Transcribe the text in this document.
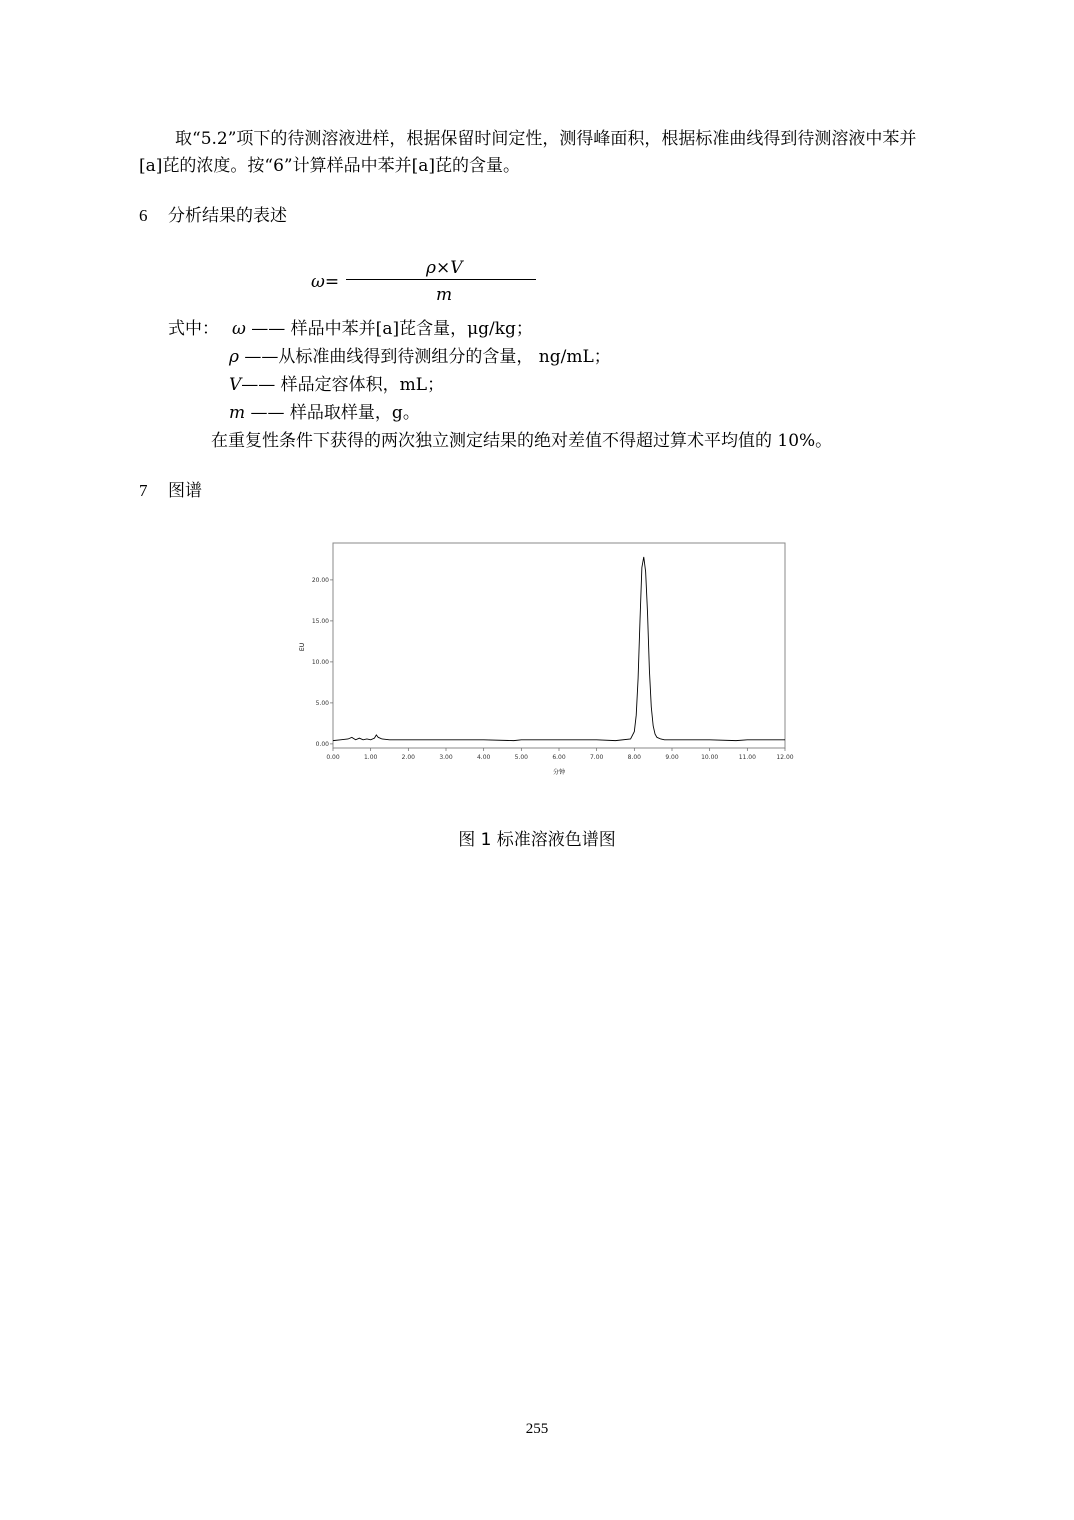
取“5.2”项下的待测溶液进样，根据保留时间定性，测得峰面积，根据标准曲线得到待测溶液中苯并[a]芘的浓度。按“6”计算样品中苯并[a]芘的含量。

6 分析结果的表述
ω=
ρ×V
m
式中： ω —— 样品中苯并[a]芘含量，μg/kg；
ρ ——从标准曲线得到待测组分的含量， ng/mL；
V—— 样品定容体积，mL；
m —— 样品取样量，g。
在重复性条件下获得的两次独立测定结果的绝对差值不得超过算术平均值的 10%。
7 图谱
0.00
5.00
10.00
15.00
20.00
0.00	1.00	2.00	3.00	4.00	5.00	6.00	7.00	8.00	9.00	10.00	11.00	12.00
EU
分钟
图 1 标准溶液色谱图
255
